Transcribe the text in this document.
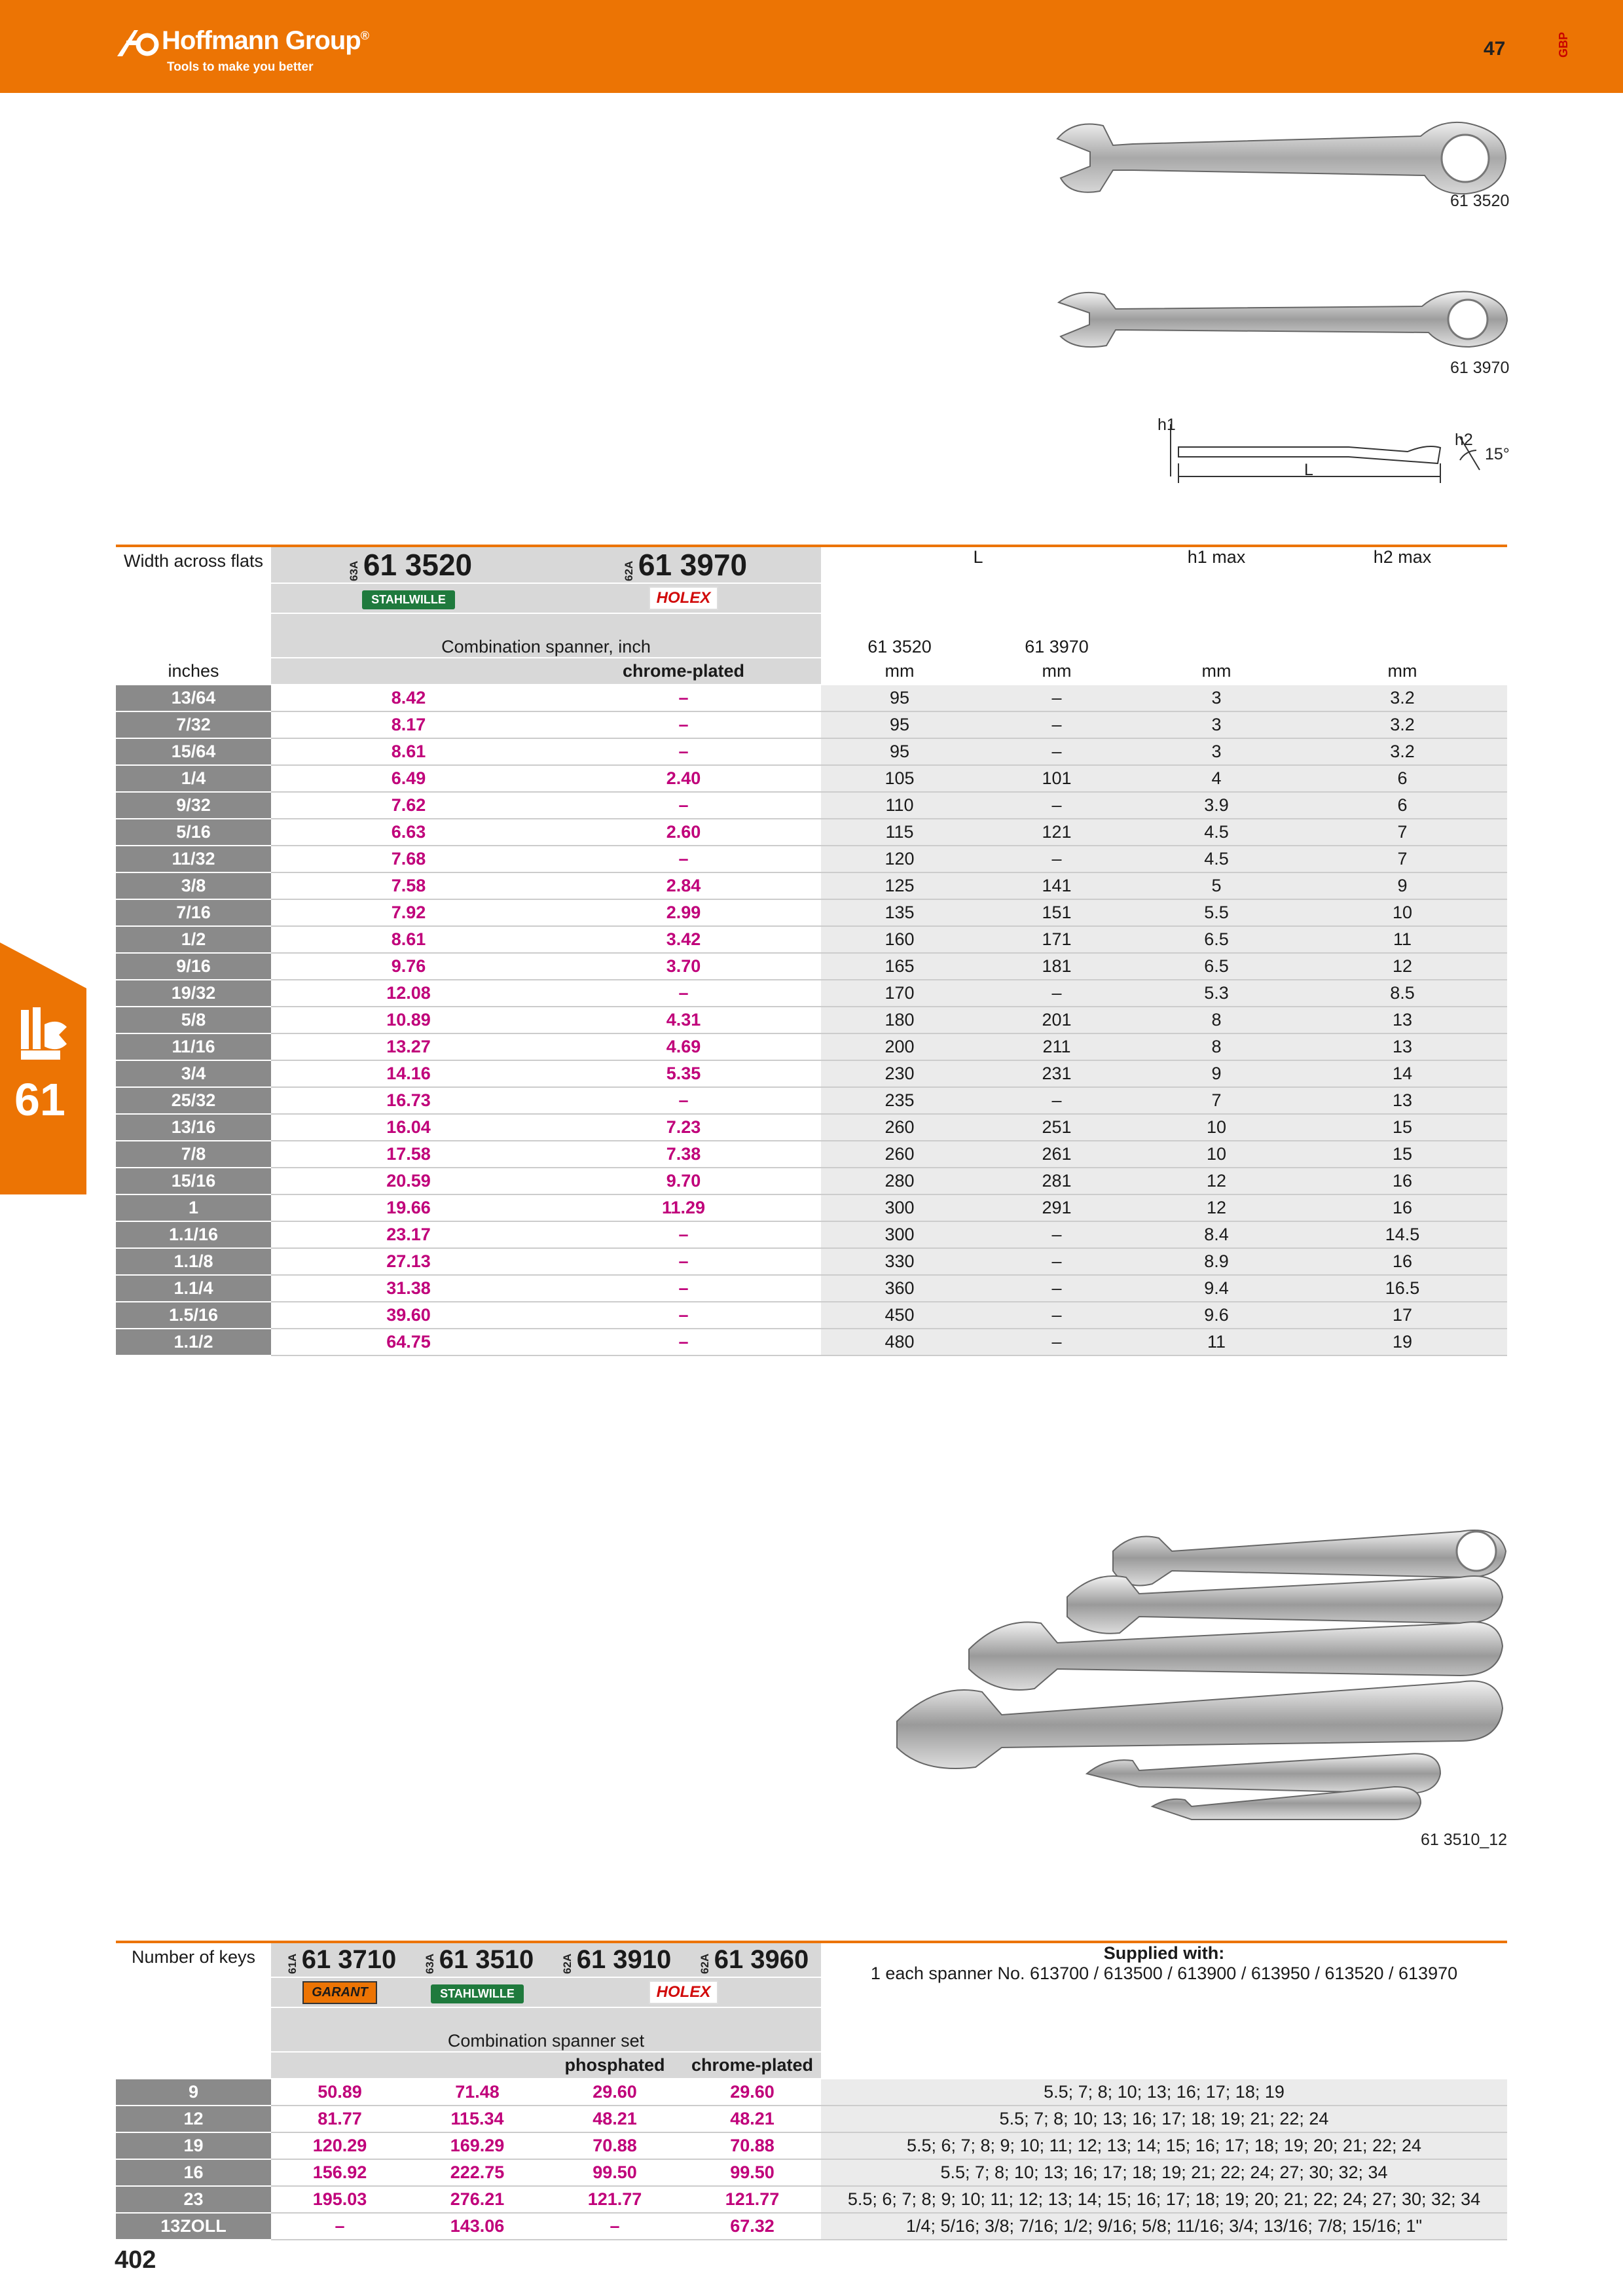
Hoffmann Group®
Tools to make you better
47	GBP
61
61 3520
61 3970
h1
h2
L
15°
Width across flats	63A 61 3520	62A 61 3970	L		h1 max	h2 max
	STAHLWILLE	HOLEX				
	Combination spanner, inch		61 3520	61 3970		
inches		chrome-plated	mm	mm	mm	mm
13/64	8.42	–	95	–	3	3.2
7/32	8.17	–	95	–	3	3.2
15/64	8.61	–	95	–	3	3.2
1/4	6.49	2.40	105	101	4	6
9/32	7.62	–	110	–	3.9	6
5/16	6.63	2.60	115	121	4.5	7
11/32	7.68	–	120	–	4.5	7
3/8	7.58	2.84	125	141	5	9
7/16	7.92	2.99	135	151	5.5	10
1/2	8.61	3.42	160	171	6.5	11
9/16	9.76	3.70	165	181	6.5	12
19/32	12.08	–	170	–	5.3	8.5
5/8	10.89	4.31	180	201	8	13
11/16	13.27	4.69	200	211	8	13
3/4	14.16	5.35	230	231	9	14
25/32	16.73	–	235	–	7	13
13/16	16.04	7.23	260	251	10	15
7/8	17.58	7.38	260	261	10	15
15/16	20.59	9.70	280	281	12	16
1	19.66	11.29	300	291	12	16
1.1/16	23.17	–	300	–	8.4	14.5
1.1/8	27.13	–	330	–	8.9	16
1.1/4	31.38	–	360	–	9.4	16.5
1.5/16	39.60	–	450	–	9.6	17
1.1/2	64.75	–	480	–	11	19
61 3510_12
Number of keys	61A 61 3710	63A 61 3510	62A 61 3910	62A 61 3960	Supplied with:
1 each spanner No. 613700 / 613500 / 613900 / 613950 / 613520 / 613970

	GARANT	STAHLWILLE	HOLEX		
	Combination spanner set				
			phosphated	chrome-plated	
9	50.89	71.48	29.60	29.60	5.5; 7; 8; 10; 13; 16; 17; 18; 19
12	81.77	115.34	48.21	48.21	5.5; 7; 8; 10; 13; 16; 17; 18; 19; 21; 22; 24
19	120.29	169.29	70.88	70.88	5.5; 6; 7; 8; 9; 10; 11; 12; 13; 14; 15; 16; 17; 18; 19; 20; 21; 22; 24
16	156.92	222.75	99.50	99.50	5.5; 7; 8; 10; 13; 16; 17; 18; 19; 21; 22; 24; 27; 30; 32; 34
23	195.03	276.21	121.77	121.77	5.5; 6; 7; 8; 9; 10; 11; 12; 13; 14; 15; 16; 17; 18; 19; 20; 21; 22; 24; 27; 30; 32; 34
13ZOLL	–	143.06	–	67.32	1/4; 5/16; 3/8; 7/16; 1/2; 9/16; 5/8; 11/16; 3/4; 13/16; 7/8; 15/16; 1"
402
